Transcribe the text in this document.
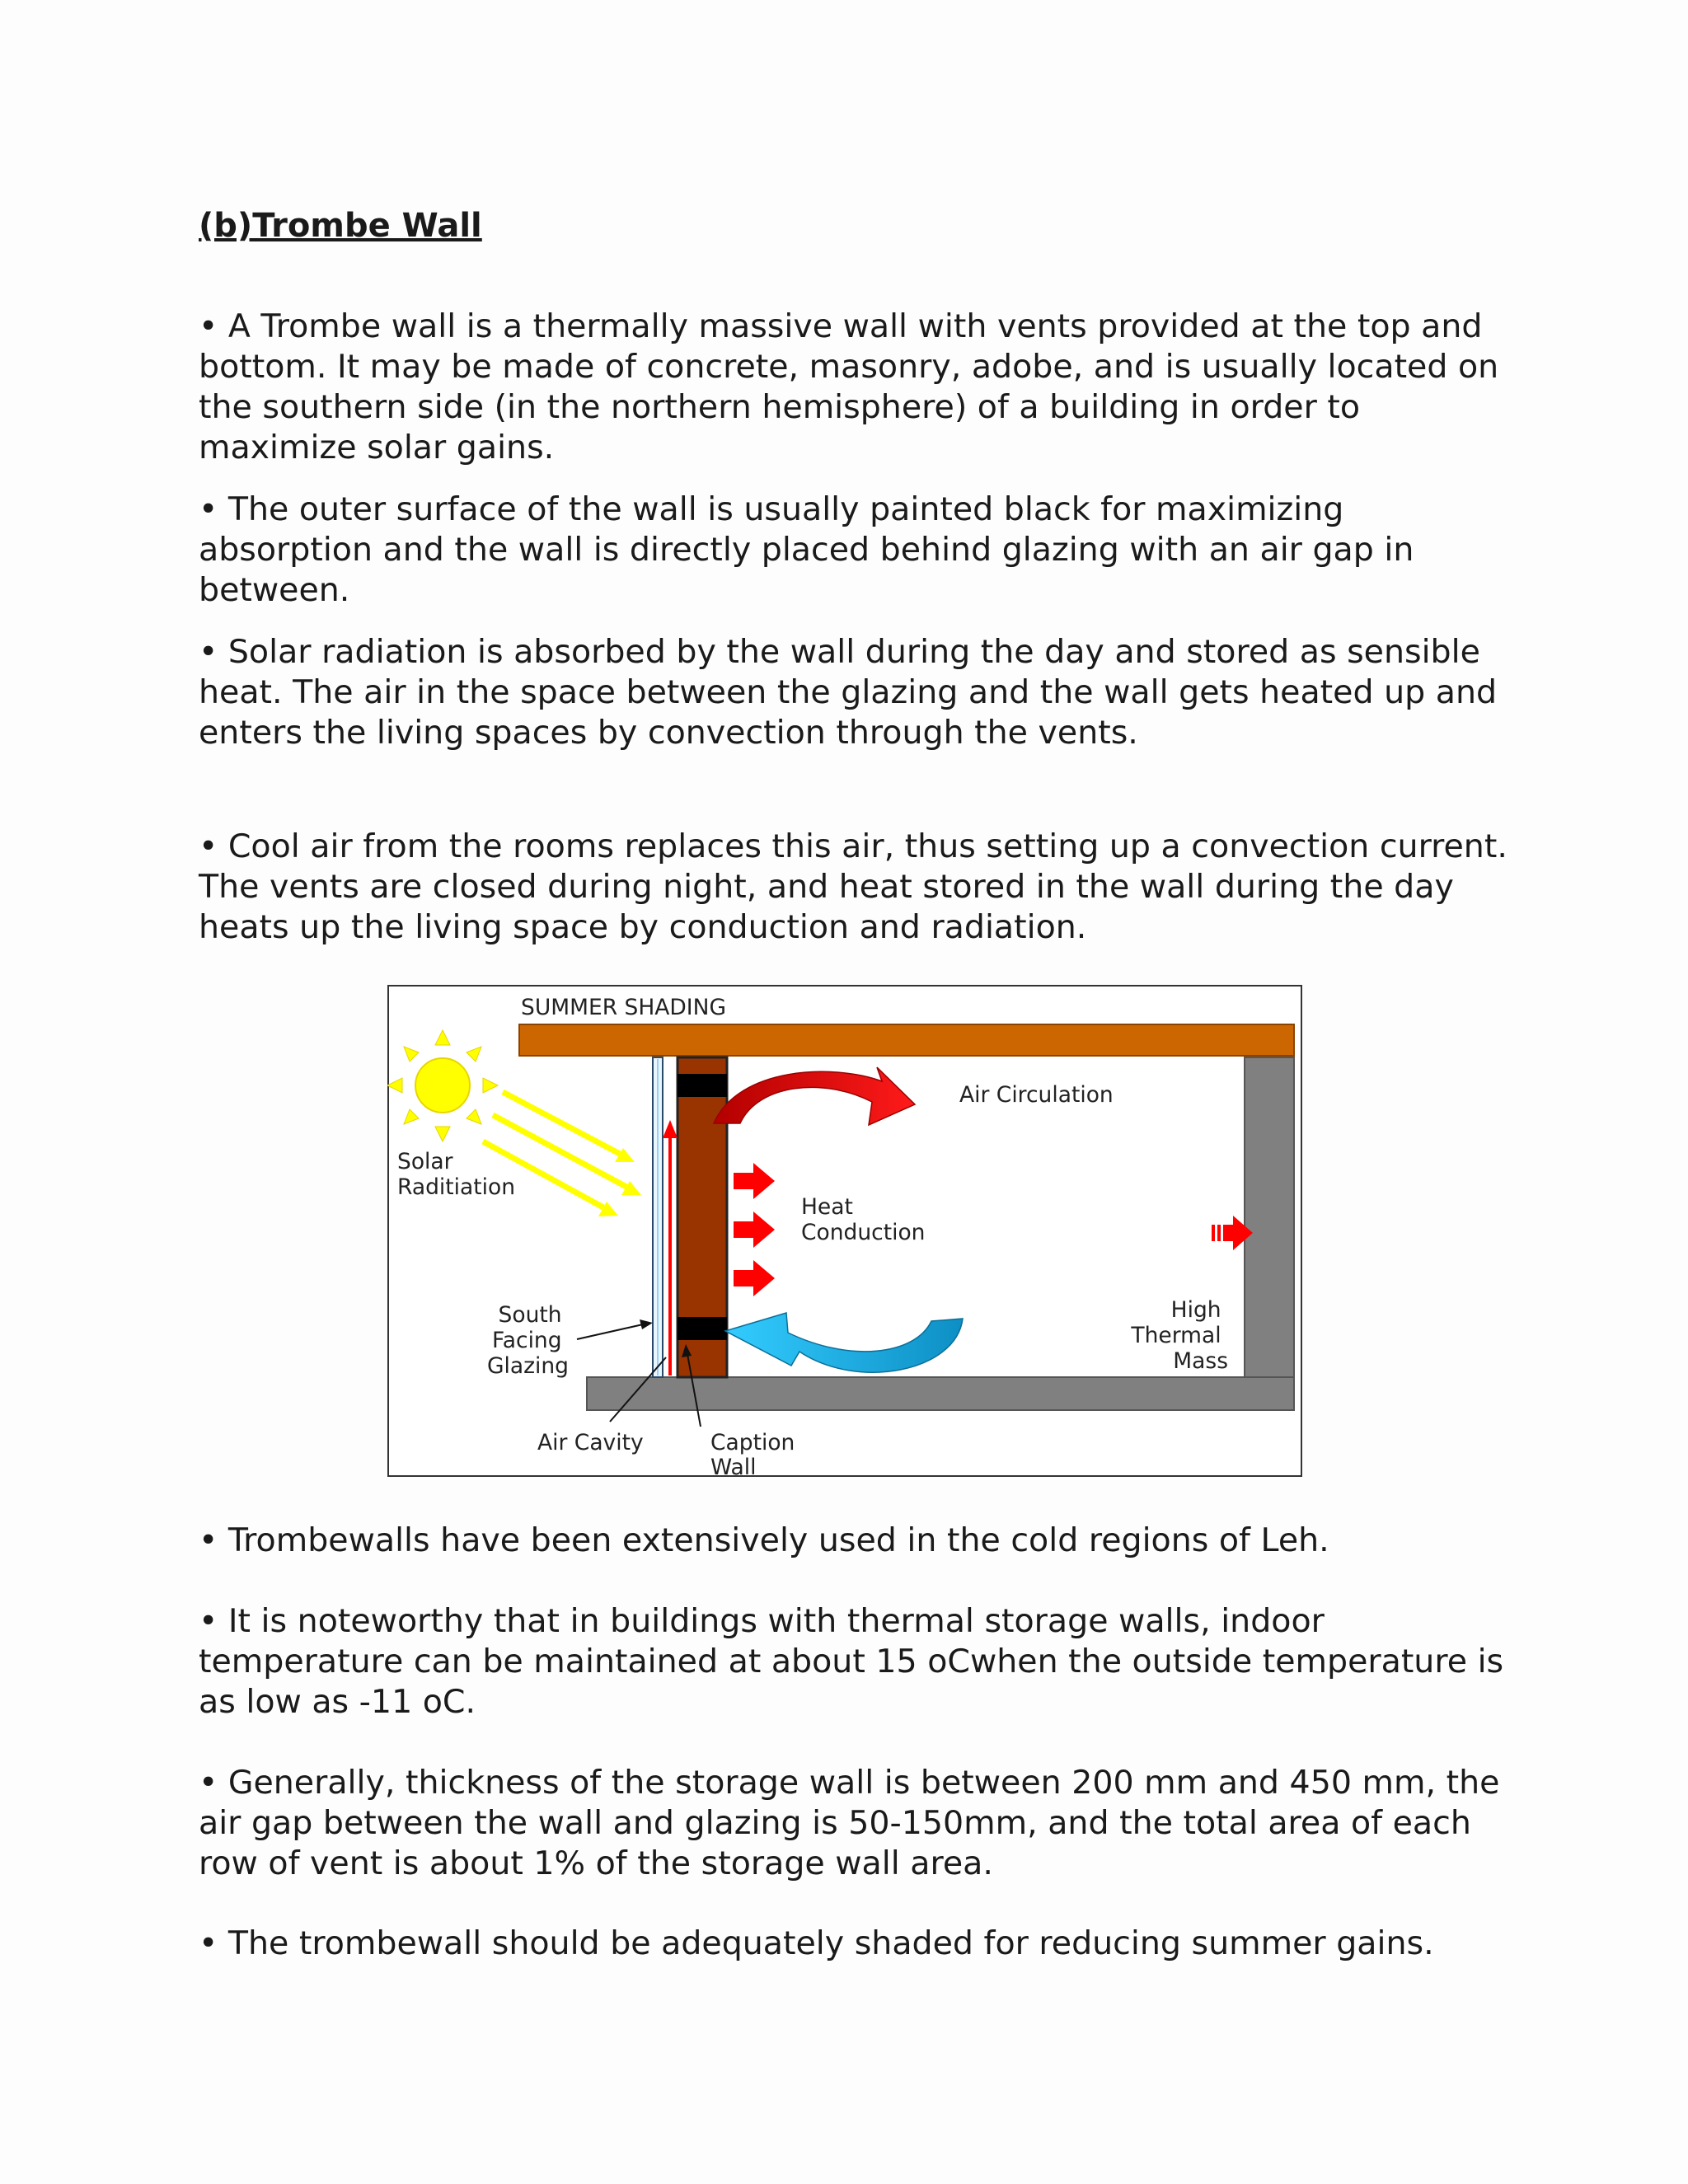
(b)Trombe Wall

• A Trombe wall is a thermally massive wall with vents provided at the top and bottom. It may be made of concrete, masonry, adobe, and is usually located on the southern side (in the northern hemisphere) of a building in order to maximize solar gains.

• The outer surface of the wall is usually painted black for maximizing absorption and the wall is directly placed behind glazing with an air gap in between.

• Solar radiation is absorbed by the wall during the day and stored as sensible heat. The air in the space between the glazing and the wall gets heated up and enters the living spaces by convection through the vents.

• Cool air from the rooms replaces this air, thus setting up a convection current. The vents are closed during night, and heat stored in the wall during the day heats up the living space by conduction and radiation.

SUMMER SHADING
Solar Raditiation
Heat Conduction
Air Circulation
High Thermal Mass
South Facing Glazing
Air Cavity	Caption Wall

• Trombewalls have been extensively used in the cold regions of Leh.

• It is noteworthy that in buildings with thermal storage walls, indoor temperature can be maintained at about 15 oCwhen the outside temperature is as low as -11 oC.

• Generally, thickness of the storage wall is between 200 mm and 450 mm, the air gap between the wall and glazing is 50-150mm, and the total area of each row of vent is about 1% of the storage wall area.

• The trombewall should be adequately shaded for reducing summer gains.
